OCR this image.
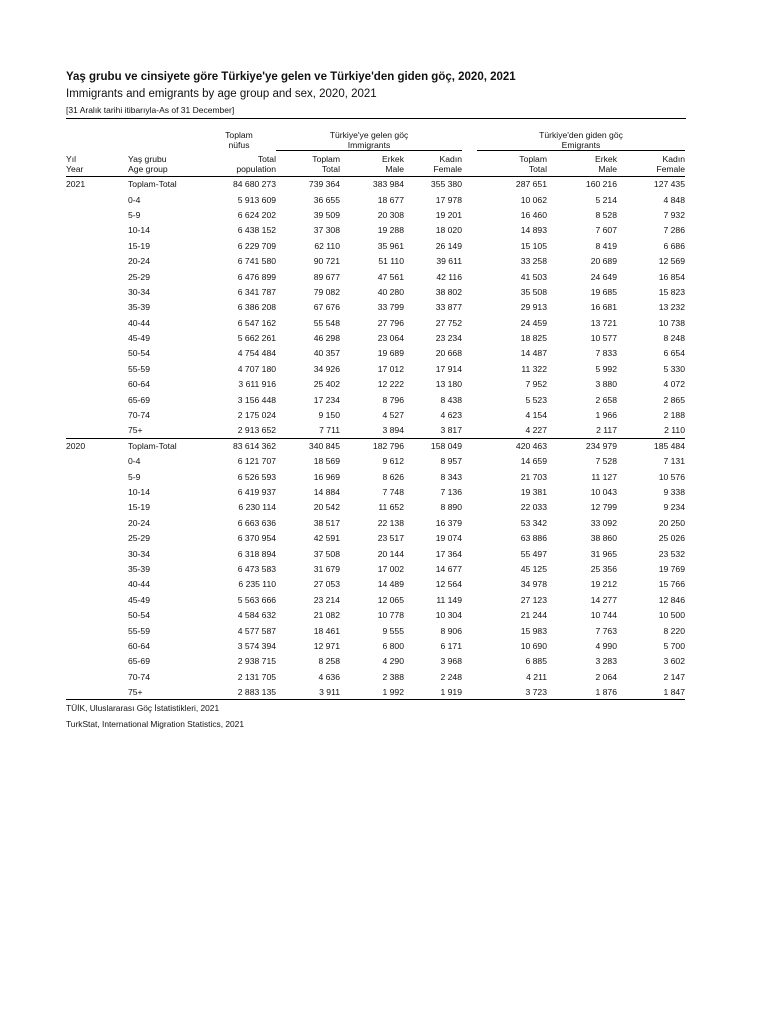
Yaş grubu ve cinsiyete göre Türkiye'ye gelen ve Türkiye'den giden göç, 2020, 2021

Immigrants and emigrants by age group and sex, 2020, 2021

[31 Aralık tarihi itibarıyla-As of 31 December]
		Toplam	Türkiye'ye gelen göç				Türkiye'den giden göç		
		nüfus	Immigrants				Emigrants		
Yıl	Yaş grubu	Total	Toplam	Erkek	Kadın		Toplam	Erkek	Kadın
Year	Age group	population	Total	Male	Female		Total	Male	Female
2021	Toplam-Total	84 680 273	739 364	383 984	355 380		287 651	160 216	127 435
	0-4	5 913 609	36 655	18 677	17 978		10 062	5 214	4 848
	5-9	6 624 202	39 509	20 308	19 201		16 460	8 528	7 932
	10-14	6 438 152	37 308	19 288	18 020		14 893	7 607	7 286
	15-19	6 229 709	62 110	35 961	26 149		15 105	8 419	6 686
	20-24	6 741 580	90 721	51 110	39 611		33 258	20 689	12 569
	25-29	6 476 899	89 677	47 561	42 116		41 503	24 649	16 854
	30-34	6 341 787	79 082	40 280	38 802		35 508	19 685	15 823
	35-39	6 386 208	67 676	33 799	33 877		29 913	16 681	13 232
	40-44	6 547 162	55 548	27 796	27 752		24 459	13 721	10 738
	45-49	5 662 261	46 298	23 064	23 234		18 825	10 577	8 248
	50-54	4 754 484	40 357	19 689	20 668		14 487	7 833	6 654
	55-59	4 707 180	34 926	17 012	17 914		11 322	5 992	5 330
	60-64	3 611 916	25 402	12 222	13 180		7 952	3 880	4 072
	65-69	3 156 448	17 234	8 796	8 438		5 523	2 658	2 865
	70-74	2 175 024	9 150	4 527	4 623		4 154	1 966	2 188
	75+	2 913 652	7 711	3 894	3 817		4 227	2 117	2 110
2020	Toplam-Total	83 614 362	340 845	182 796	158 049		420 463	234 979	185 484
	0-4	6 121 707	18 569	9 612	8 957		14 659	7 528	7 131
	5-9	6 526 593	16 969	8 626	8 343		21 703	11 127	10 576
	10-14	6 419 937	14 884	7 748	7 136		19 381	10 043	9 338
	15-19	6 230 114	20 542	11 652	8 890		22 033	12 799	9 234
	20-24	6 663 636	38 517	22 138	16 379		53 342	33 092	20 250
	25-29	6 370 954	42 591	23 517	19 074		63 886	38 860	25 026
	30-34	6 318 894	37 508	20 144	17 364		55 497	31 965	23 532
	35-39	6 473 583	31 679	17 002	14 677		45 125	25 356	19 769
	40-44	6 235 110	27 053	14 489	12 564		34 978	19 212	15 766
	45-49	5 563 666	23 214	12 065	11 149		27 123	14 277	12 846
	50-54	4 584 632	21 082	10 778	10 304		21 244	10 744	10 500
	55-59	4 577 587	18 461	9 555	8 906		15 983	7 763	8 220
	60-64	3 574 394	12 971	6 800	6 171		10 690	4 990	5 700
	65-69	2 938 715	8 258	4 290	3 968		6 885	3 283	3 602
	70-74	2 131 705	4 636	2 388	2 248		4 211	2 064	2 147
	75+	2 883 135	3 911	1 992	1 919		3 723	1 876	1 847
TÜİK, Uluslararası Göç İstatistikleri, 2021
TurkStat, International Migration Statistics, 2021
